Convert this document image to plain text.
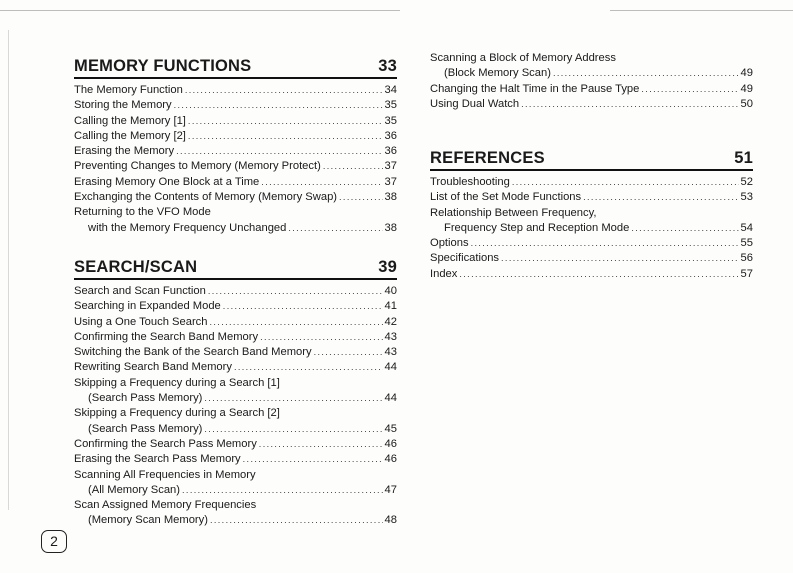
MEMORY FUNCTIONS	33
The Memory Function .....	34
Storing the Memory .....	35
Calling the Memory [1] .....	35
Calling the Memory [2] .....	36
Erasing the Memory .....	36
Preventing Changes to Memory (Memory Protect) .....	37
Erasing Memory One Block at a Time .....	37
Exchanging the Contents of Memory (Memory Swap) .....	38
Returning to the VFO Mode
with the Memory Frequency Unchanged .....	38
SEARCH/SCAN	39
Search and Scan Function .....	40
Searching in Expanded Mode .....	41
Using a One Touch Search .....	42
Confirming the Search Band Memory .....	43
Switching the Bank of the Search Band Memory .....	43
Rewriting Search Band Memory .....	44
Skipping a Frequency during a Search [1]
(Search Pass Memory) .....	44
Skipping a Frequency during a Search [2]
(Search Pass Memory) .....	45
Confirming the Search Pass Memory .....	46
Erasing the Search Pass Memory .....	46
Scanning All Frequencies in Memory
(All Memory Scan) .....	47
Scan Assigned Memory Frequencies
(Memory Scan Memory) .....	48
Scanning a Block of Memory Address
(Block Memory Scan) .....	49
Changing the Halt Time in the Pause Type .....	49
Using Dual Watch .....	50
REFERENCES	51
Troubleshooting .....	52
List of the Set Mode Functions .....	53
Relationship Between Frequency,
Frequency Step and Reception Mode .....	54
Options .....	55
Specifications .....	56
Index .....	57
2
